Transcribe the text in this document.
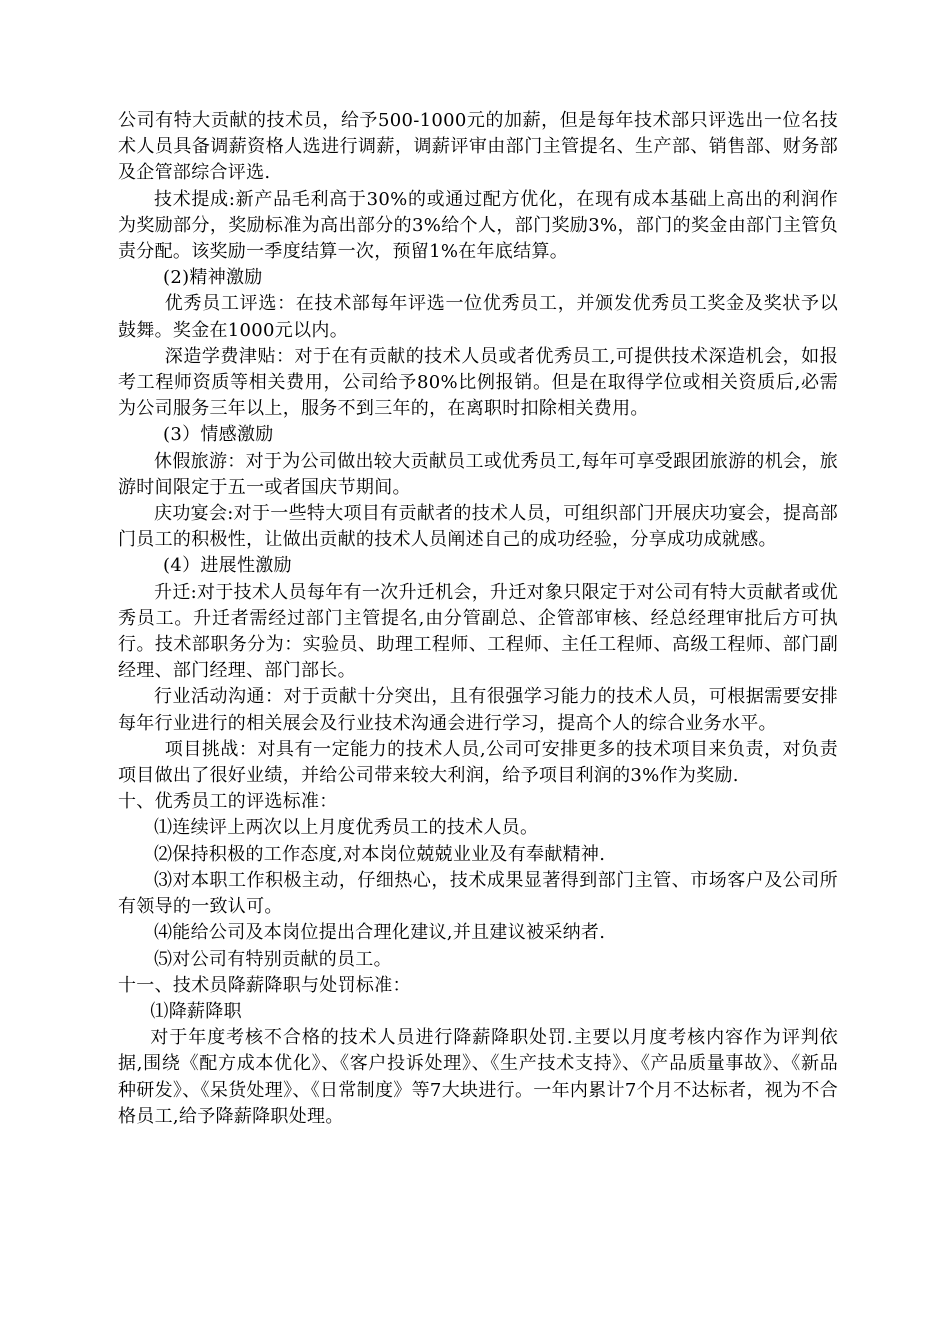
公司有特大贡献的技术员，给予500-1000元的加薪，但是每年技术部只评选出一位名技术人员具备调薪资格人选进行调薪，调薪评审由部门主管提名、生产部、销售部、财务部及企管部综合评选.

技术提成:新产品毛利高于30%的或通过配方优化，在现有成本基础上高出的利润作为奖励部分，奖励标准为高出部分的3%给个人，部门奖励3%，部门的奖金由部门主管负责分配。该奖励一季度结算一次，预留1%在年底结算。

(2)精神激励

优秀员工评选：在技术部每年评选一位优秀员工，并颁发优秀员工奖金及奖状予以鼓舞。奖金在1000元以内。

深造学费津贴：对于在有贡献的技术人员或者优秀员工,可提供技术深造机会，如报考工程师资质等相关费用，公司给予80%比例报销。但是在取得学位或相关资质后,必需为公司服务三年以上，服务不到三年的，在离职时扣除相关费用。

(3）情感激励

休假旅游：对于为公司做出较大贡献员工或优秀员工,每年可享受跟团旅游的机会，旅游时间限定于五一或者国庆节期间。

庆功宴会:对于一些特大项目有贡献者的技术人员，可组织部门开展庆功宴会，提高部门员工的积极性，让做出贡献的技术人员阐述自己的成功经验，分享成功成就感。

(4）进展性激励

升迁:对于技术人员每年有一次升迁机会，升迁对象只限定于对公司有特大贡献者或优秀员工。升迁者需经过部门主管提名,由分管副总、企管部审核、经总经理审批后方可执行。技术部职务分为：实验员、助理工程师、工程师、主任工程师、高级工程师、部门副经理、部门经理、部门部长。

行业活动沟通：对于贡献十分突出，且有很强学习能力的技术人员，可根据需要安排每年行业进行的相关展会及行业技术沟通会进行学习，提高个人的综合业务水平。

项目挑战：对具有一定能力的技术人员,公司可安排更多的技术项目来负责，对负责项目做出了很好业绩，并给公司带来较大利润，给予项目利润的3%作为奖励.

十、优秀员工的评选标准：

⑴连续评上两次以上月度优秀员工的技术人员。

⑵保持积极的工作态度,对本岗位兢兢业业及有奉献精神.

⑶对本职工作积极主动，仔细热心，技术成果显著得到部门主管、市场客户及公司所有领导的一致认可。

⑷能给公司及本岗位提出合理化建议,并且建议被采纳者.

⑸对公司有特别贡献的员工。

十一、技术员降薪降职与处罚标准：

⑴降薪降职

对于年度考核不合格的技术人员进行降薪降职处罚.主要以月度考核内容作为评判依据,围绕《配方成本优化》、《客户投诉处理》、《生产技术支持》、《产品质量事故》、《新品种研发》、《呆货处理》、《日常制度》等7大块进行。一年内累计7个月不达标者，视为不合格员工,给予降薪降职处理。
